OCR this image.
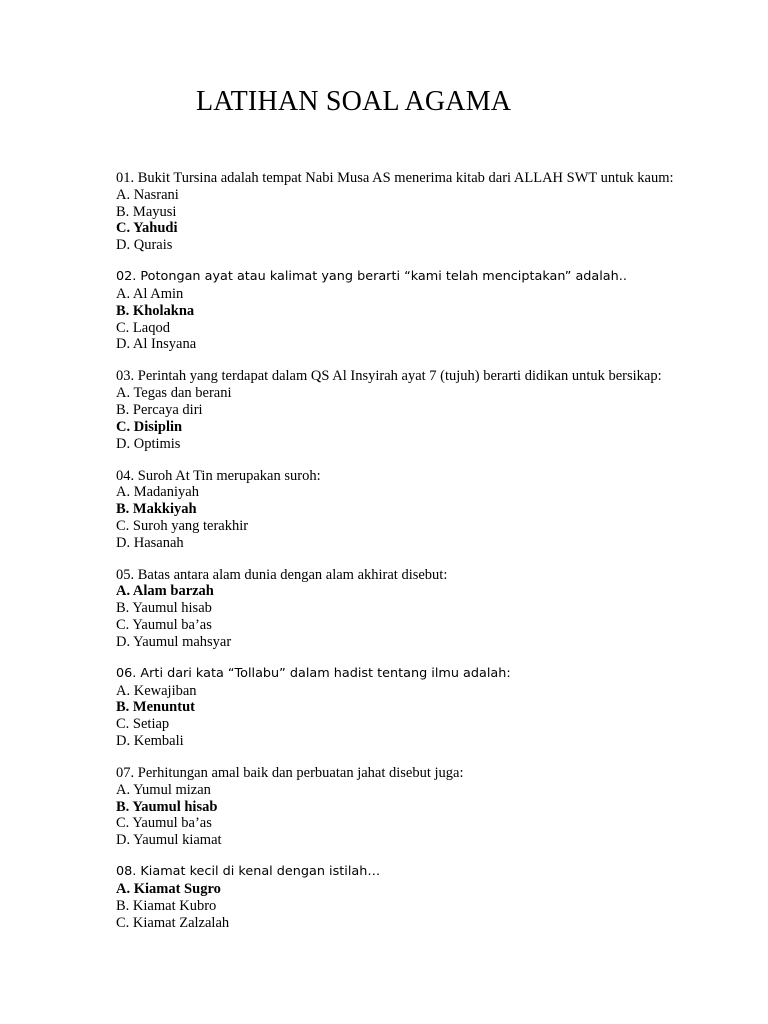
LATIHAN SOAL AGAMA
01. Bukit Tursina adalah tempat Nabi Musa AS menerima kitab dari ALLAH SWT untuk kaum:
A. Nasrani
B. Mayusi
C. Yahudi
D. Qurais
02. Potongan ayat atau kalimat yang berarti “kami telah menciptakan” adalah..
A. Al Amin
B. Kholakna
C. Laqod
D. Al Insyana
03. Perintah yang terdapat dalam QS Al Insyirah ayat 7 (tujuh) berarti didikan untuk bersikap:
A. Tegas dan berani
B. Percaya diri
C. Disiplin
D. Optimis
04. Suroh At Tin merupakan suroh:
A. Madaniyah
B. Makkiyah
C. Suroh yang terakhir
D. Hasanah
05. Batas antara alam dunia dengan alam akhirat disebut:
A. Alam barzah
B. Yaumul hisab
C. Yaumul ba’as
D. Yaumul mahsyar
06. Arti dari kata “Tollabu” dalam hadist tentang ilmu adalah:
A. Kewajiban
B. Menuntut
C. Setiap
D. Kembali
07. Perhitungan amal baik dan perbuatan jahat disebut juga:
A. Yumul mizan
B. Yaumul hisab
C. Yaumul ba’as
D. Yaumul kiamat
08. Kiamat kecil di kenal dengan istilah…
A. Kiamat Sugro
B. Kiamat Kubro
C. Kiamat Zalzalah
